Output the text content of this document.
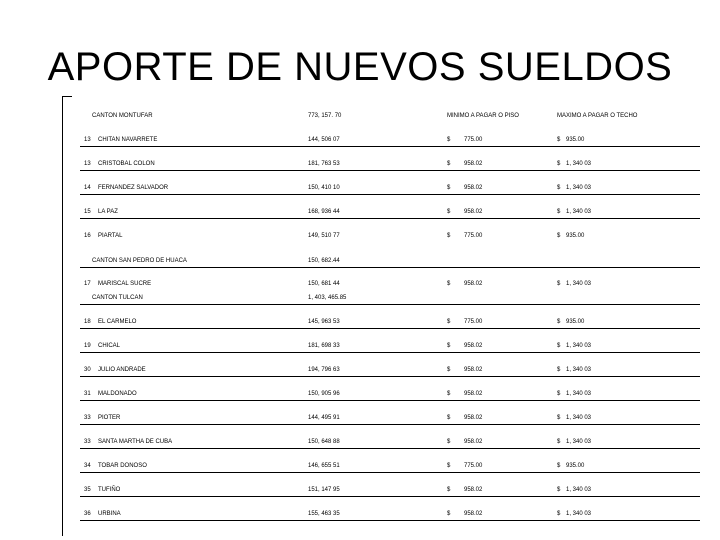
APORTE DE NUEVOS SUELDOS
CANTON MONTUFAR	773, 157. 70	MINIMO A PAGAR O PISO	MAXIMO A PAGAR O TECHO
13 CHITAN NAVARRETE	144, 506 07	$ 775.00	$ 935.00
13 CRISTOBAL COLON	181, 763 53	$ 958.02	$ 1, 340 03
14 FERNANDEZ SALVADOR	150, 410 10	$ 958.02	$ 1, 340 03
15 LA PAZ	168, 936 44	$ 958.02	$ 1, 340 03
16 PIARTAL	149, 510 77	$ 775.00	$ 935.00
CANTON SAN PEDRO DE HUACA	150, 682.44
17 MARISCAL SUCRE	150, 681 44	$ 958.02	$ 1, 340 03
CANTON TULCAN	1, 403, 465.85
18 EL CARMELO	145, 963 53	$ 775.00	$ 935.00
19 CHICAL	181, 698 33	$ 958.02	$ 1, 340 03
30 JULIO ANDRADE	194, 796 63	$ 958.02	$ 1, 340 03
31 MALDONADO	150, 905 96	$ 958.02	$ 1, 340 03
33 PIOTER	144, 495 91	$ 958.02	$ 1, 340 03
33 SANTA MARTHA DE CUBA	150, 648 88	$ 958.02	$ 1, 340 03
34 TOBAR DONOSO	146, 655 51	$ 775.00	$ 935.00
35 TUFIÑO	151, 147 95	$ 958.02	$ 1, 340 03
36 URBINA	155, 463 35	$ 958.02	$ 1, 340 03
